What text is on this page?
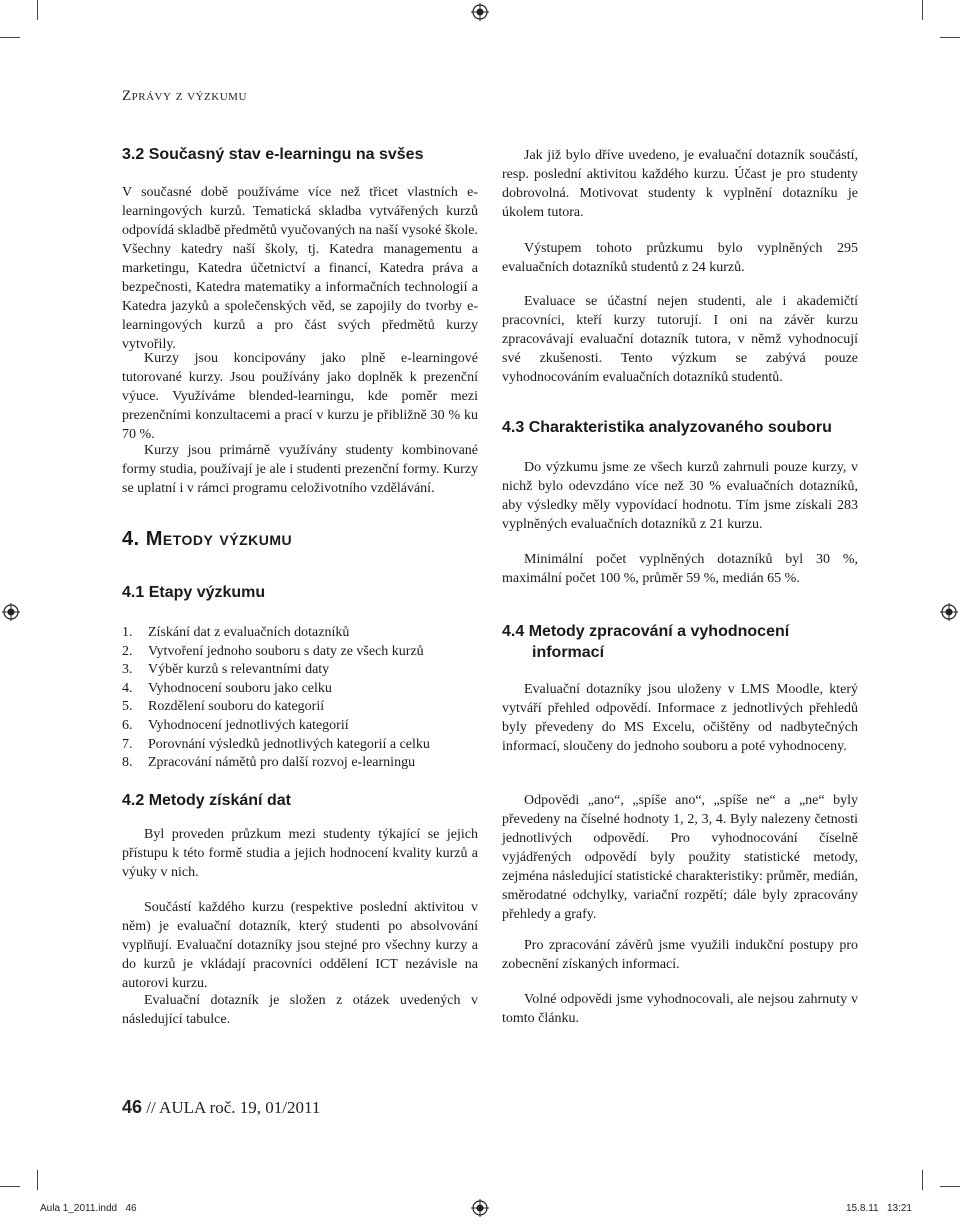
Zprávy z výzkumu
3.2 Současný stav e-learningu na svšes

V současné době používáme více než třicet vlastních e-learningových kurzů. Tematická skladba vytvářených kurzů odpovídá skladbě předmětů vyučovaných na naší vysoké škole. Všechny katedry naší školy, tj. Katedra managementu a marketingu, Katedra účetnictví a financí, Katedra práva a bezpečnosti, Katedra matematiky a informačních technologií a Katedra jazyků a společenských věd, se zapojily do tvorby e-learningových kurzů a pro část svých předmětů kurzy vytvořily.

Kurzy jsou koncipovány jako plně e-learningové tutorované kurzy. Jsou používány jako doplněk k prezenční výuce. Využíváme blended-learningu, kde poměr mezi prezenčními konzultacemi a prací v kurzu je přibližně 30 % ku 70 %.

Kurzy jsou primárně využívány studenty kombinované formy studia, používají je ale i studenti prezenční formy. Kurzy se uplatní i v rámci programu celoživotního vzdělávání.

4. Metody výzkumu
4.1 Etapy výzkumu
1.	Získání dat z evaluačních dotazníků
2.	Vytvoření jednoho souboru s daty ze všech kurzů
3.	Výběr kurzů s relevantními daty
4.	Vyhodnocení souboru jako celku
5.	Rozdělení souboru do kategorií
6.	Vyhodnocení jednotlivých kategorií
7.	Porovnání výsledků jednotlivých kategorií a celku
8.	Zpracování námětů pro další rozvoj e-learningu
4.2 Metody získání dat

Byl proveden průzkum mezi studenty týkající se jejich přístupu k této formě studia a jejich hodnocení kvality kurzů a výuky v nich.

Součástí každého kurzu (respektive poslední aktivitou v něm) je evaluační dotazník, který studenti po absolvování vyplňují. Evaluační dotazníky jsou stejné pro všechny kurzy a do kurzů je vkládají pracovníci oddělení ICT nezávisle na autorovi kurzu.

Evaluační dotazník je složen z otázek uvedených v následující tabulce.

Jak již bylo dříve uvedeno, je evaluační dotazník součástí, resp. poslední aktivitou každého kurzu. Účast je pro studenty dobrovolná. Motivovat studenty k vyplnění dotazníku je úkolem tutora.

Výstupem tohoto průzkumu bylo vyplněných 295 evaluačních dotazníků studentů z 24 kurzů.

Evaluace se účastní nejen studenti, ale i akademičtí pracovníci, kteří kurzy tutorují. I oni na závěr kurzu zpracovávají evaluační dotazník tutora, v němž vyhodnocují své zkušenosti. Tento výzkum se zabývá pouze vyhodnocováním evaluačních dotazníků studentů.

4.3 Charakteristika analyzovaného souboru

Do výzkumu jsme ze všech kurzů zahrnuli pouze kurzy, v nichž bylo odevzdáno více než 30 % evaluačních dotazníků, aby výsledky měly vypovídací hodnotu. Tím jsme získali 283 vyplněných evaluačních dotazníků z 21 kurzu.

Minimální počet vyplněných dotazníků byl 30 %, maximální počet 100 %, průměr 59 %, medián 65 %.

4.4 Metody zpracování a vyhodnocení
informací

Evaluační dotazníky jsou uloženy v LMS Moodle, který vytváří přehled odpovědí. Informace z jednotlivých přehledů byly převedeny do MS Excelu, očištěny od nadbytečných informací, sloučeny do jednoho souboru a poté vyhodnoceny.

Odpovědi „ano“, „spíše ano“, „spíše ne“ a „ne“ byly převedeny na číselné hodnoty 1, 2, 3, 4. Byly nalezeny četnosti jednotlivých odpovědí. Pro vyhodnocování číselně vyjádřených odpovědí byly použity statistické metody, zejména následující statistické charakteristiky: průměr, medián, směrodatné odchylky, variační rozpětí; dále byly zpracovány přehledy a grafy.

Pro zpracování závěrů jsme využili indukční postupy pro zobecnění získaných informací.

Volné odpovědi jsme vyhodnocovali, ale nejsou zahrnuty v tomto článku.

46 // AULA roč. 19, 01/2011
Aula 1_2011.indd   46	15.8.11   13:21
